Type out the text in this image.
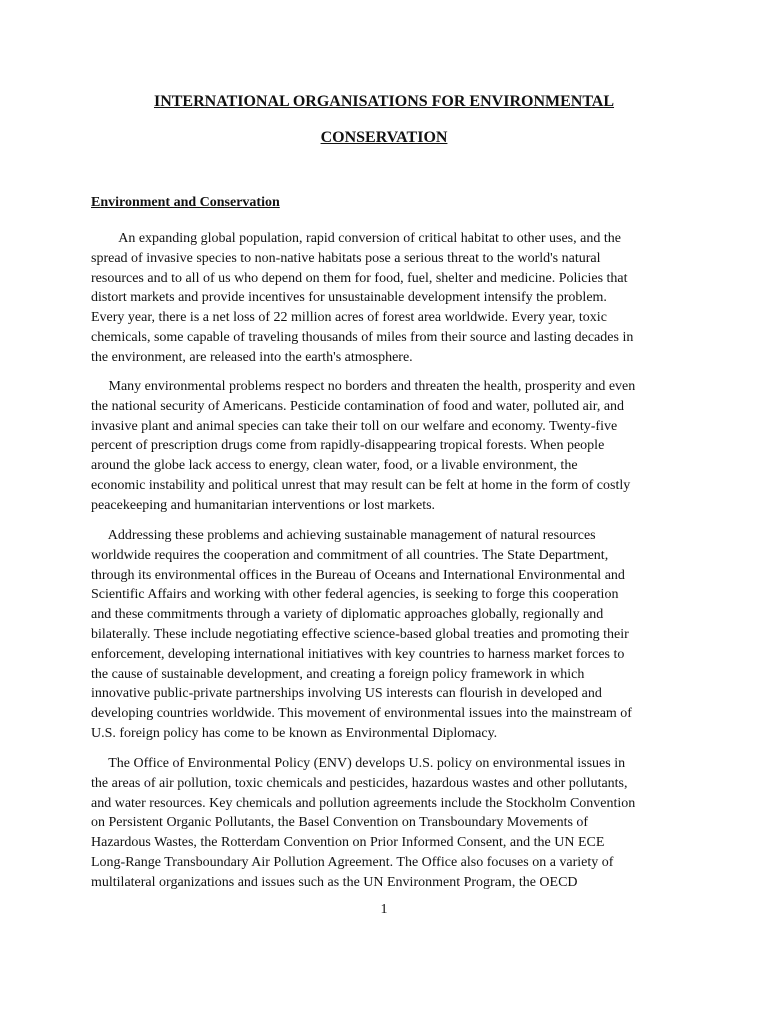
INTERNATIONAL ORGANISATIONS FOR ENVIRONMENTAL
CONSERVATION
Environment and Conservation

An expanding global population, rapid conversion of critical habitat to other uses, and the
spread of invasive species to non-native habitats pose a serious threat to the world's natural
resources and to all of us who depend on them for food, fuel, shelter and medicine. Policies that
distort markets and provide incentives for unsustainable development intensify the problem.
Every year, there is a net loss of 22 million acres of forest area worldwide. Every year, toxic
chemicals, some capable of traveling thousands of miles from their source and lasting decades in
the environment, are released into the earth's atmosphere.

Many environmental problems respect no borders and threaten the health, prosperity and even
the national security of Americans. Pesticide contamination of food and water, polluted air, and
invasive plant and animal species can take their toll on our welfare and economy. Twenty-five
percent of prescription drugs come from rapidly-disappearing tropical forests. When people
around the globe lack access to energy, clean water, food, or a livable environment, the
economic instability and political unrest that may result can be felt at home in the form of costly
peacekeeping and humanitarian interventions or lost markets.

Addressing these problems and achieving sustainable management of natural resources
worldwide requires the cooperation and commitment of all countries. The State Department,
through its environmental offices in the Bureau of Oceans and International Environmental and
Scientific Affairs and working with other federal agencies, is seeking to forge this cooperation
and these commitments through a variety of diplomatic approaches globally, regionally and
bilaterally. These include negotiating effective science-based global treaties and promoting their
enforcement, developing international initiatives with key countries to harness market forces to
the cause of sustainable development, and creating a foreign policy framework in which
innovative public-private partnerships involving US interests can flourish in developed and
developing countries worldwide. This movement of environmental issues into the mainstream of
U.S. foreign policy has come to be known as Environmental Diplomacy.

The Office of Environmental Policy (ENV) develops U.S. policy on environmental issues in
the areas of air pollution, toxic chemicals and pesticides, hazardous wastes and other pollutants,
and water resources. Key chemicals and pollution agreements include the Stockholm Convention
on Persistent Organic Pollutants, the Basel Convention on Transboundary Movements of
Hazardous Wastes, the Rotterdam Convention on Prior Informed Consent, and the UN ECE
Long-Range Transboundary Air Pollution Agreement. The Office also focuses on a variety of
multilateral organizations and issues such as the UN Environment Program, the OECD

1
